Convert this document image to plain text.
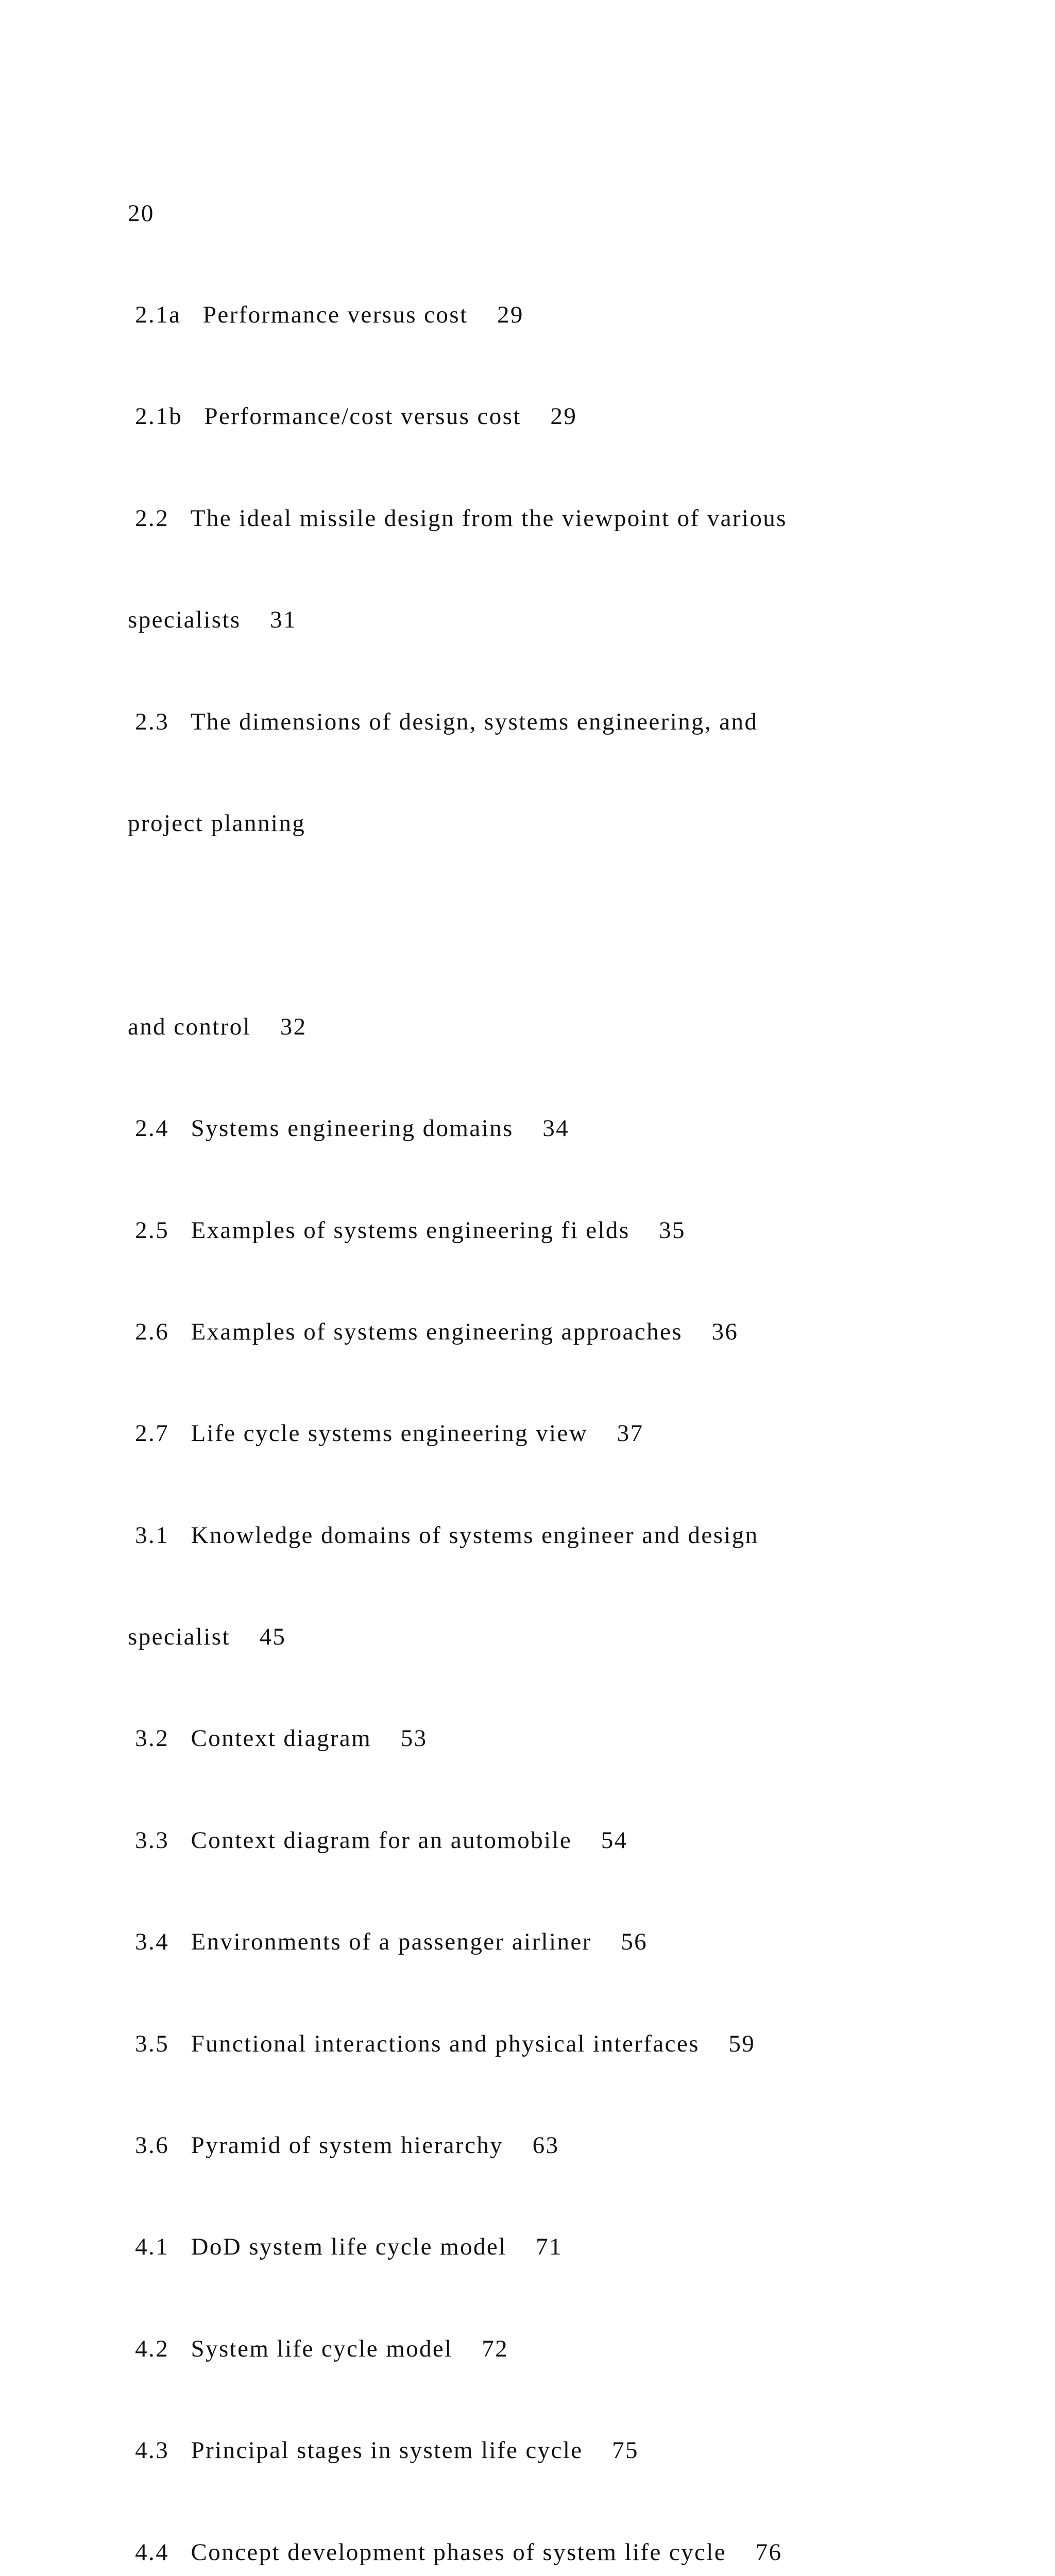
20

2.1a   Performance versus cost    29

2.1b   Performance/cost versus cost    29

2.2   The ideal missile design from the viewpoint of various

specialists    31

2.3   The dimensions of design, systems engineering, and

project planning

and control    32

2.4   Systems engineering domains    34

2.5   Examples of systems engineering fi elds    35

2.6   Examples of systems engineering approaches    36

2.7   Life cycle systems engineering view    37

3.1   Knowledge domains of systems engineer and design

specialist    45

3.2   Context diagram    53

3.3   Context diagram for an automobile    54

3.4   Environments of a passenger airliner    56

3.5   Functional interactions and physical interfaces    59

3.6   Pyramid of system hierarchy    63

4.1   DoD system life cycle model    71

4.2   System life cycle model    72

4.3   Principal stages in system life cycle    75

4.4   Concept development phases of system life cycle    76
